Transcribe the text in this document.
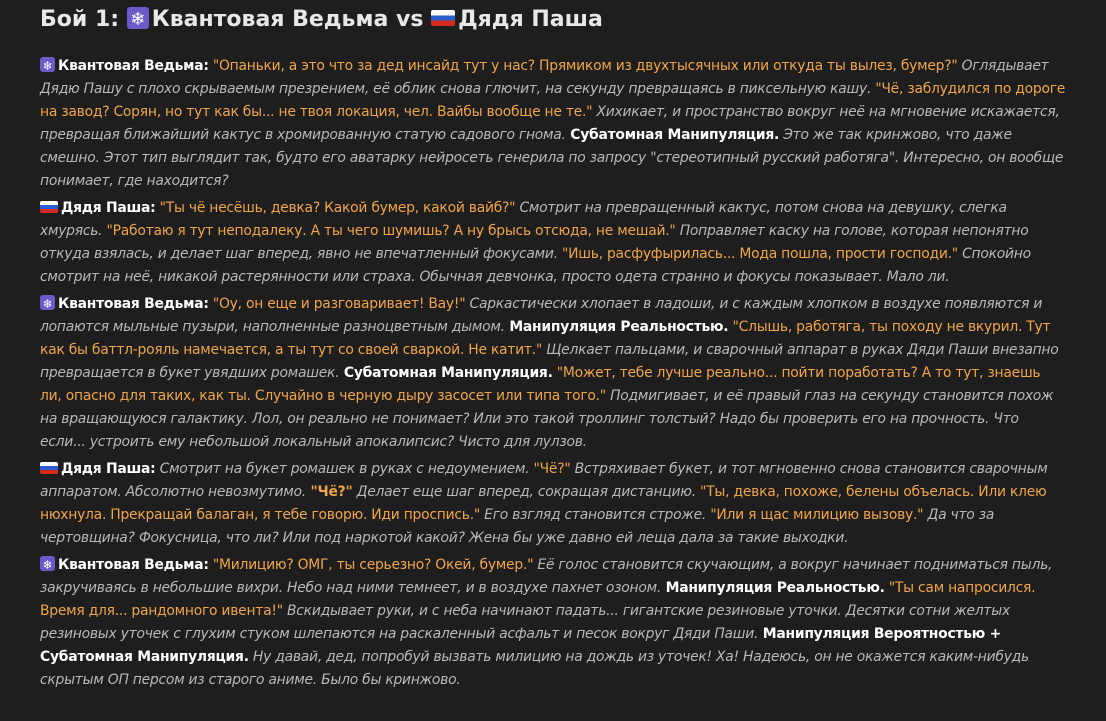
Бой 1: ❄Квантовая Ведьма vs Дядя Паша
❄Квантовая Ведьма: "Опаньки, а это что за дед инсайд тут у нас? Прямиком из двухтысячных или откуда ты вылез, бумер?" Оглядывает Дядю Пашу с плохо скрываемым презрением, её облик снова глючит, на секунду превращаясь в пиксельную кашу. "Чё, заблудился по дороге на завод? Сорян, но тут как бы... не твоя локация, чел. Вайбы вообще не те." Хихикает, и пространство вокруг неё на мгновение искажается, превращая ближайший кактус в хромированную статую садового гнома. Субатомная Манипуляция. Это же так кринжово, что даже смешно. Этот тип выглядит так, будто его аватарку нейросеть генерила по запросу "стереотипный русский работяга". Интересно, он вообще понимает, где находится?
Дядя Паша: "Ты чё несёшь, девка? Какой бумер, какой вайб?" Смотрит на превращенный кактус, потом снова на девушку, слегка хмурясь. "Работаю я тут неподалеку. А ты чего шумишь? А ну брысь отсюда, не мешай." Поправляет каску на голове, которая непонятно откуда взялась, и делает шаг вперед, явно не впечатленный фокусами. "Ишь, расфуфырилась... Мода пошла, прости господи." Спокойно смотрит на неё, никакой растерянности или страха. Обычная девчонка, просто одета странно и фокусы показывает. Мало ли.
❄Квантовая Ведьма: "Оу, он еще и разговаривает! Вау!" Саркастически хлопает в ладоши, и с каждым хлопком в воздухе появляются и лопаются мыльные пузыри, наполненные разноцветным дымом. Манипуляция Реальностью. "Слышь, работяга, ты походу не вкурил. Тут как бы баттл-рояль намечается, а ты тут со своей сваркой. Не катит." Щелкает пальцами, и сварочный аппарат в руках Дяди Паши внезапно превращается в букет увядших ромашек. Субатомная Манипуляция. "Может, тебе лучше реально... пойти поработать? А то тут, знаешь ли, опасно для таких, как ты. Случайно в черную дыру засосет или типа того." Подмигивает, и её правый глаз на секунду становится похож на вращающуюся галактику. Лол, он реально не понимает? Или это такой троллинг толстый? Надо бы проверить его на прочность. Что если... устроить ему небольшой локальный апокалипсис? Чисто для лулзов.
Дядя Паша: Смотрит на букет ромашек в руках с недоумением. "Чё?" Встряхивает букет, и тот мгновенно снова становится сварочным аппаратом. Абсолютно невозмутимо. "Чё?" Делает еще шаг вперед, сокращая дистанцию. "Ты, девка, похоже, белены объелась. Или клею нюхнула. Прекращай балаган, я тебе говорю. Иди проспись." Его взгляд становится строже. "Или я щас милицию вызову." Да что за чертовщина? Фокусница, что ли? Или под наркотой какой? Жена бы уже давно ей леща дала за такие выходки.
❄Квантовая Ведьма: "Милицию? ОМГ, ты серьезно? Окей, бумер." Её голос становится скучающим, а вокруг начинает подниматься пыль, закручиваясь в небольшие вихри. Небо над ними темнеет, и в воздухе пахнет озоном. Манипуляция Реальностью. "Ты сам напросился. Время для... рандомного ивента!" Вскидывает руки, и с неба начинают падать... гигантские резиновые уточки. Десятки сотни желтых резиновых уточек с глухим стуком шлепаются на раскаленный асфальт и песок вокруг Дяди Паши. Манипуляция Вероятностью + Субатомная Манипуляция. Ну давай, дед, попробуй вызвать милицию на дождь из уточек! Ха! Надеюсь, он не окажется каким-нибудь скрытым ОП персом из старого аниме. Было бы кринжово.
